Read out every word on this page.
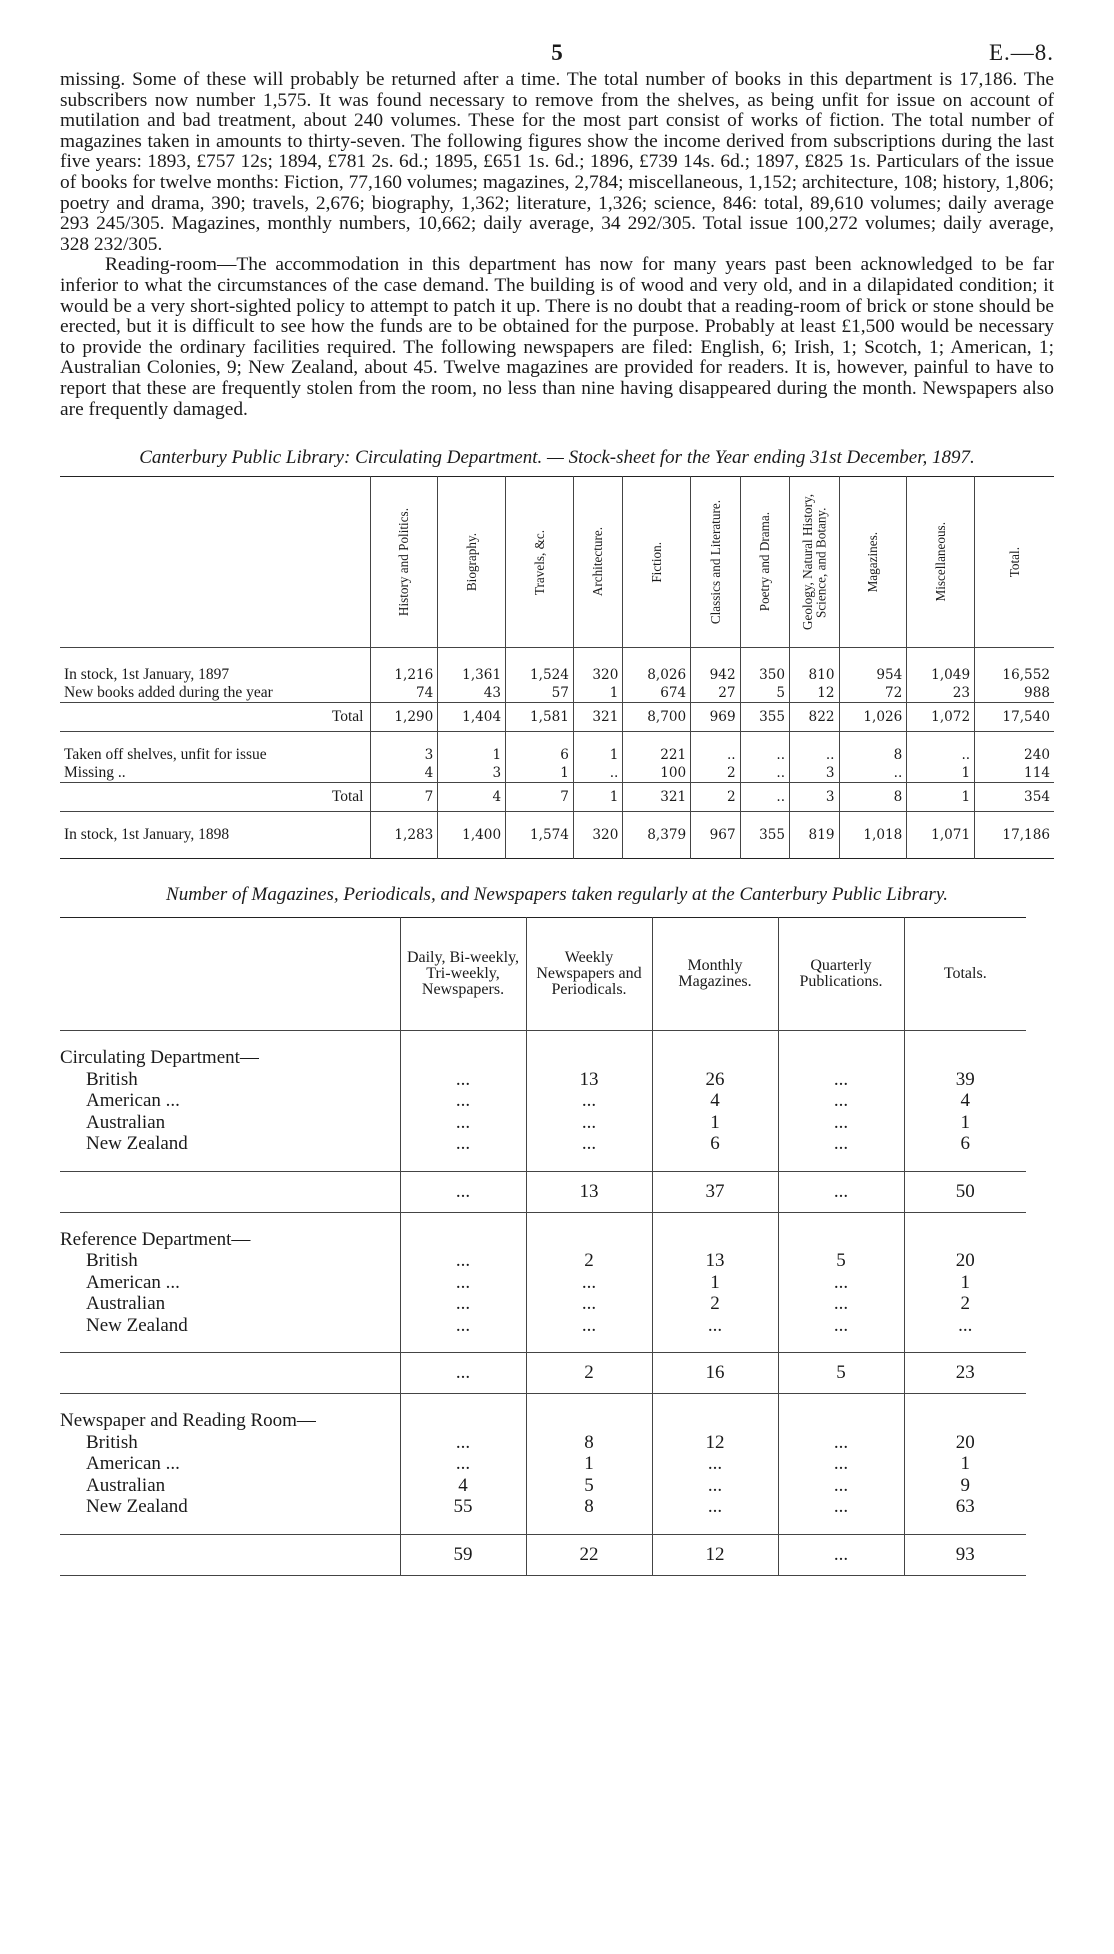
5	E.—8.

missing. Some of these will probably be returned after a time. The total number of books in this department is 17,186. The subscribers now number 1,575. It was found necessary to remove from the shelves, as being unfit for issue on account of mutilation and bad treatment, about 240 volumes. These for the most part consist of works of fiction. The total number of magazines taken in amounts to thirty-seven. The following figures show the income derived from subscriptions during the last five years: 1893, £757 12s; 1894, £781 2s. 6d.; 1895, £651 1s. 6d.; 1896, £739 14s. 6d.; 1897, £825 1s. Particulars of the issue of books for twelve months: Fiction, 77,160 volumes; magazines, 2,784; miscellaneous, 1,152; architecture, 108; history, 1,806; poetry and drama, 390; travels, 2,676; biography, 1,362; literature, 1,326; science, 846: total, 89,610 volumes; daily average 293 245/305. Magazines, monthly numbers, 10,662; daily average, 34 292/305. Total issue 100,272 volumes; daily average, 328 232/305.

Reading-room—The accommodation in this department has now for many years past been acknowledged to be far inferior to what the circumstances of the case demand. The building is of wood and very old, and in a dilapidated condition; it would be a very short-sighted policy to attempt to patch it up. There is no doubt that a reading-room of brick or stone should be erected, but it is difficult to see how the funds are to be obtained for the purpose. Probably at least £1,500 would be necessary to provide the ordinary facilities required. The following newspapers are filed: English, 6; Irish, 1; Scotch, 1; American, 1; Australian Colonies, 9; New Zealand, about 45. Twelve magazines are provided for readers. It is, however, painful to have to report that these are frequently stolen from the room, no less than nine having disappeared during the month. Newspapers also are frequently damaged.

Canterbury Public Library: Circulating Department. — Stock-sheet for the Year ending 31st December, 1897.

	History and Politics.	Biography.	Travels, &c.	Architecture.	Fiction.	Classics and Literature.	Poetry and Drama.	Geology, Natural History, Science, and Botany.	Magazines.	Miscellaneous.	Total.

In stock, 1st January, 1897	1,216	1,361	1,524	320	8,026	942	350	810	954	1,049	16,552
New books added during the year	74	43	57	1	674	27	5	12	72	23	988
Total	1,290	1,404	1,581	321	8,700	969	355	822	1,026	1,072	17,540

Taken off shelves, unfit for issue	3	1	6	1	221	..	..	..	8	..	240
Missing ..	4	3	1	..	100	2	..	3	..	1	114
Total	7	4	7	1	321	2	..	3	8	1	354

In stock, 1st January, 1898	1,283	1,400	1,574	320	8,379	967	355	819	1,018	1,071	17,186

Number of Magazines, Periodicals, and Newspapers taken regularly at the Canterbury Public Library.
	Daily, Bi-weekly, Tri-weekly, Newspapers.	Weekly Newspapers and Periodicals.	Monthly Magazines.	Quarterly Publications.	Totals.

Circulating Department—					
British	...	13	26	...	39
American ...	...	...	4	...	4
Australian	...	...	1	...	1
New Zealand	...	...	6	...	6

	...	13	37	...	50

Reference Department—					
British	...	2	13	5	20
American ...	...	...	1	...	1
Australian	...	...	2	...	2
New Zealand	...	...	...	...	...

	...	2	16	5	23

Newspaper and Reading Room—					
British	...	8	12	...	20
American ...	...	1	...	...	1
Australian	4	5	...	...	9
New Zealand	55	8	...	...	63

	59	22	12	...	93
